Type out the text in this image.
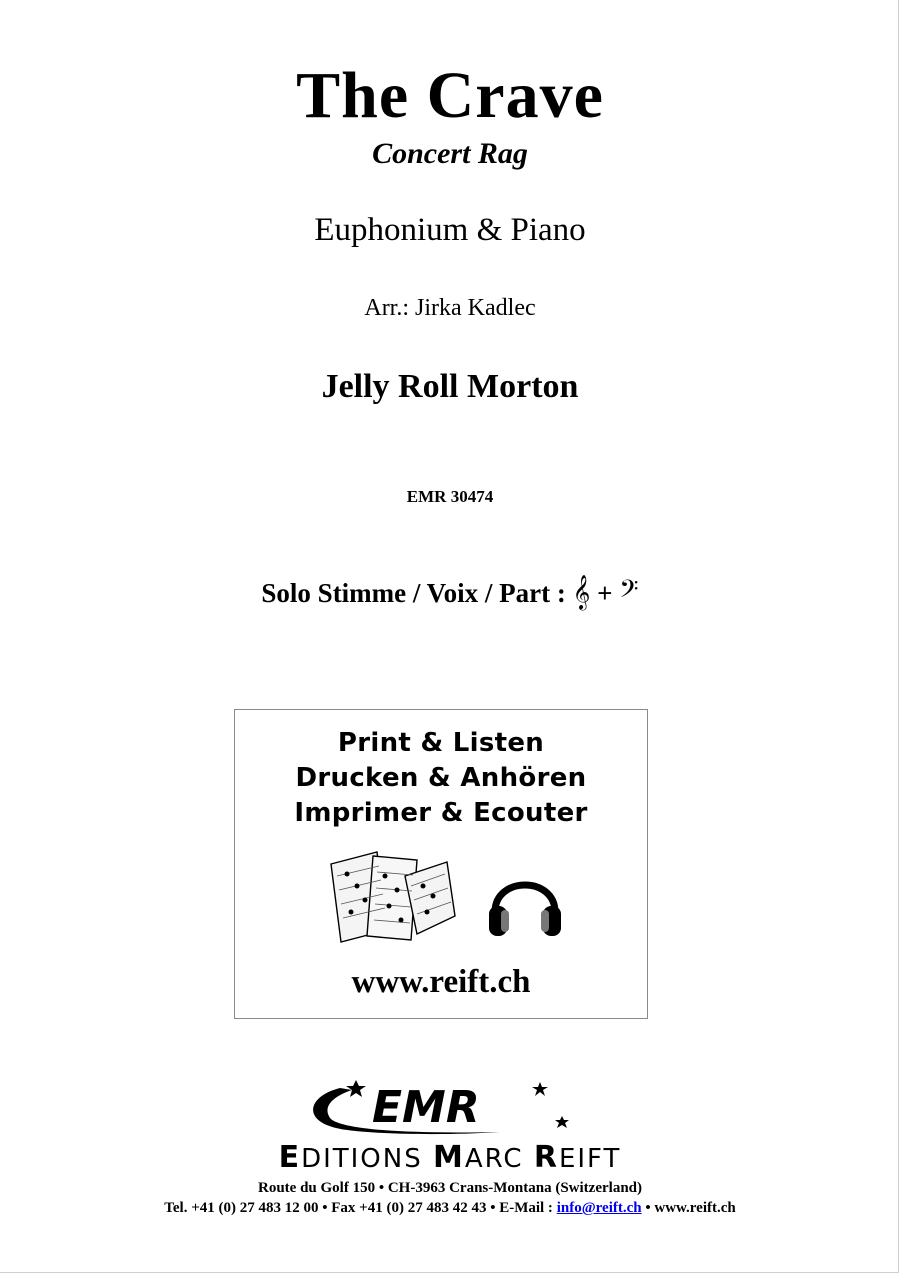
The Crave
Concert Rag
Euphonium & Piano
Arr.: Jirka Kadlec
Jelly Roll Morton
EMR 30474
Solo Stimme / Voix / Part : 𝄞 + 𝄢
Print & Listen
Drucken & Anhören
Imprimer & Ecouter
www.reift.ch
EMR
EDITIONS MARC REIFT
Route du Golf 150 • CH-3963 Crans-Montana (Switzerland)
Tel. +41 (0) 27 483 12 00 • Fax +41 (0) 27 483 42 43 • E-Mail : info@reift.ch • www.reift.ch
